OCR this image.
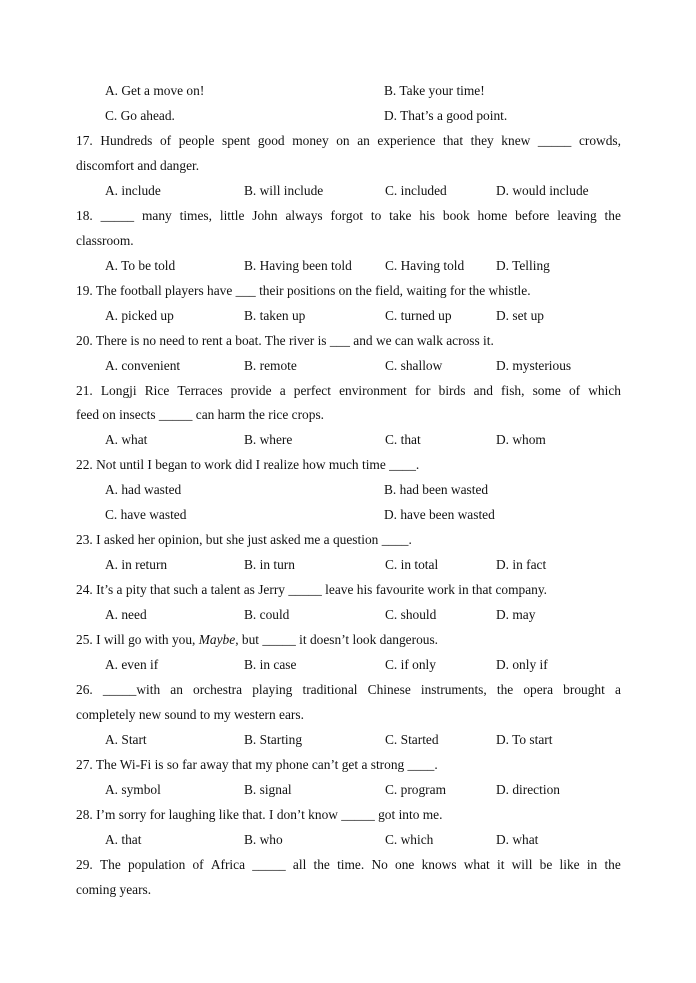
A. Get a move on!	B. Take your time!
C. Go ahead.	D. That’s a good point.
17. Hundreds of people spent good money on an experience that they knew _____ crowds,
discomfort and danger.
A. include	B. will include	C. included	D. would include
18. _____ many times, little John always forgot to take his book home before leaving the
classroom.
A. To be told	B. Having been told C. Having told D. Telling
19. The football players have ___ their positions on the field, waiting for the whistle.
A. picked up	B. taken up	C. turned up	D. set up
20. There is no need to rent a boat. The river is ___ and we can walk across it.
A. convenient	B. remote	C. shallow	D. mysterious
21. Longji Rice Terraces provide a perfect environment for birds and fish, some of which
feed on insects _____ can harm the rice crops.
A. what	B. where	C. that	D. whom
22. Not until I began to work did I realize how much time ____.
A. had wasted	B. had been wasted
C. have wasted	D. have been wasted
23. I asked her opinion, but she just asked me a question ____.
A. in return	B. in turn	C. in total	D. in fact
24. It’s a pity that such a talent as Jerry _____ leave his favourite work in that company.
A. need	B. could	C. should	D. may
25. I will go with you, Maybe, but _____ it doesn’t look dangerous.
A. even if	B. in case	C. if only	D. only if
26. _____with an orchestra playing traditional Chinese instruments, the opera brought a
completely new sound to my western ears.
A. Start	B. Starting	C. Started	D. To start
27. The Wi-Fi is so far away that my phone can’t get a strong ____.
A. symbol	B. signal	C. program	D. direction
28. I’m sorry for laughing like that. I don’t know _____ got into me.
A. that	B. who	C. which	D. what
29. The population of Africa _____ all the time. No one knows what it will be like in the
coming years.
